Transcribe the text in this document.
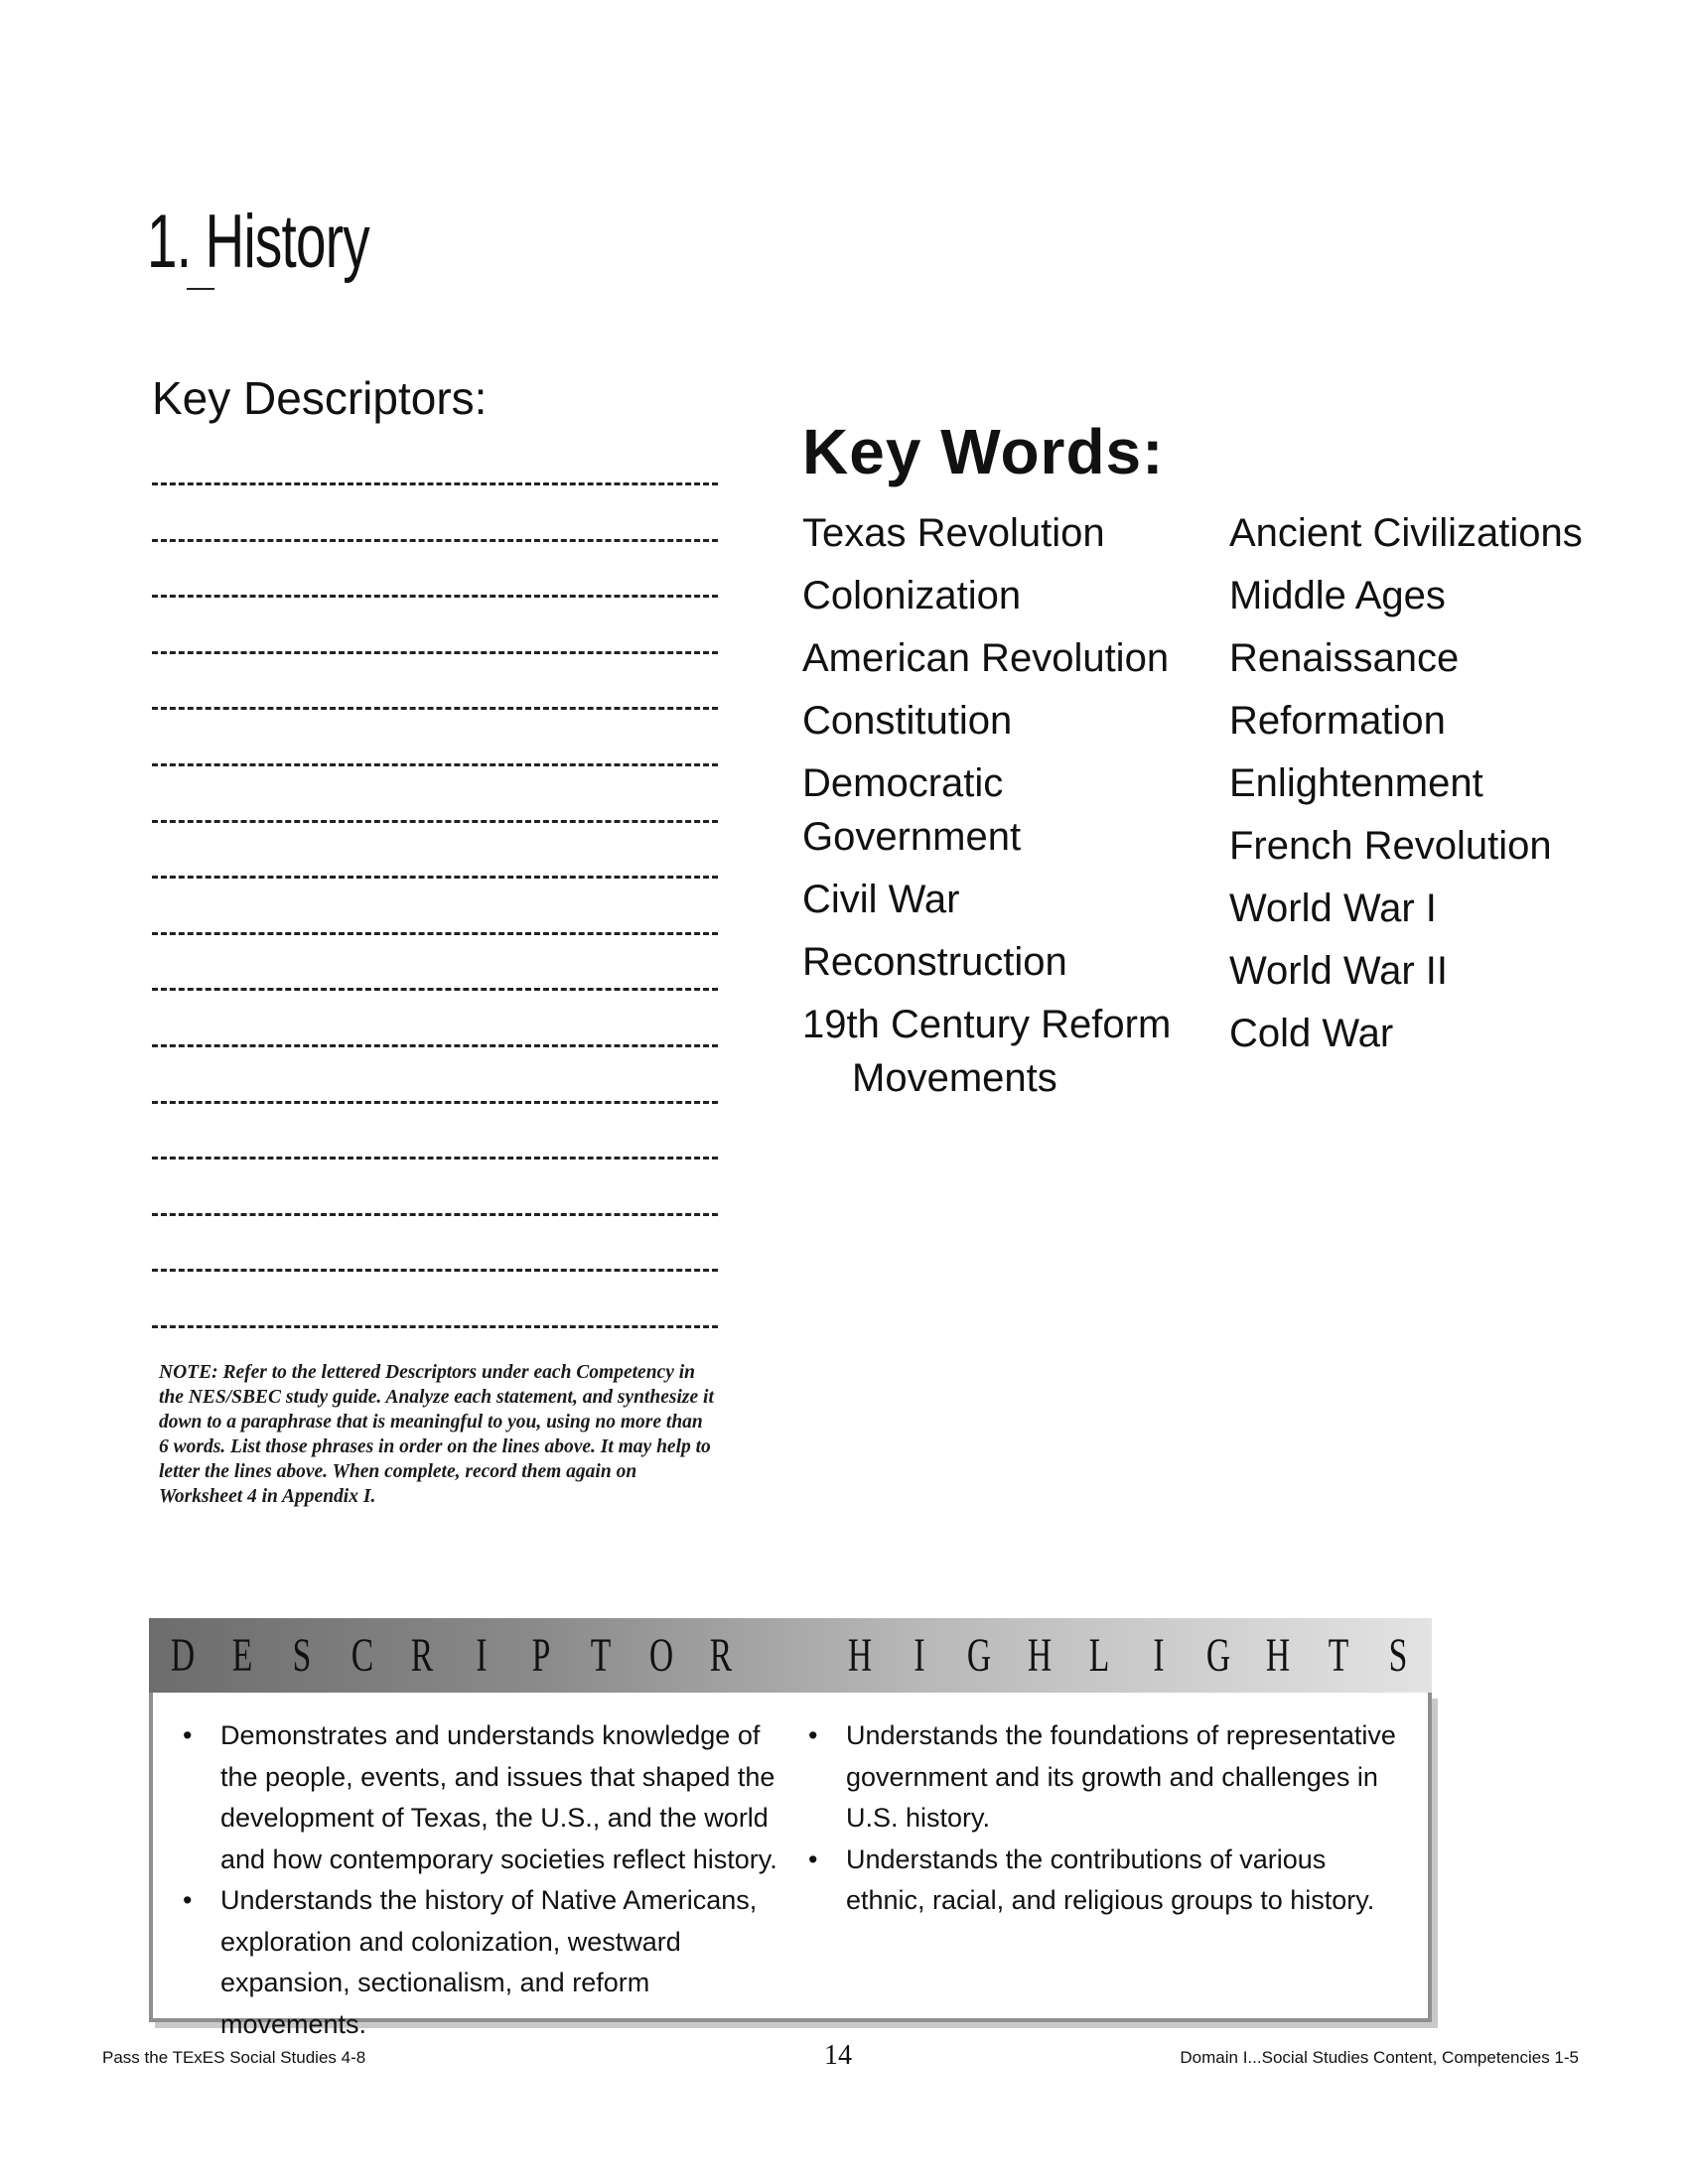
1. History
Key Descriptors:
NOTE: Refer to the lettered Descriptors under each Competency in the NES/SBEC study guide. Analyze each statement, and synthesize it down to a paraphrase that is meaningful to you, using no more than 6 words. List those phrases in order on the lines above. It may help to letter the lines above. When complete, record them again on Worksheet 4 in Appendix I.
Key Words:
Texas Revolution
Colonization
American Revolution
Constitution
Democratic
Government
Civil War
Reconstruction
19th Century Reform
Movements
Ancient Civilizations
Middle Ages
Renaissance
Reformation
Enlightenment
French Revolution
World War I
World War II
Cold War
D E S C R I P T O R H I G H L I G H T S

• Demonstrates and understands knowledge of the people, events, and issues that shaped the development of Texas, the U.S., and the world and how contemporary societies reflect history.

• Understands the history of Native Americans, exploration and colonization, westward expansion, sectionalism, and reform movements.

• Understands the foundations of representative government and its growth and challenges in U.S. history.

• Understands the contributions of various ethnic, racial, and religious groups to history.

Pass the TExES Social Studies 4-8	14	Domain I...Social Studies Content, Competencies 1-5
